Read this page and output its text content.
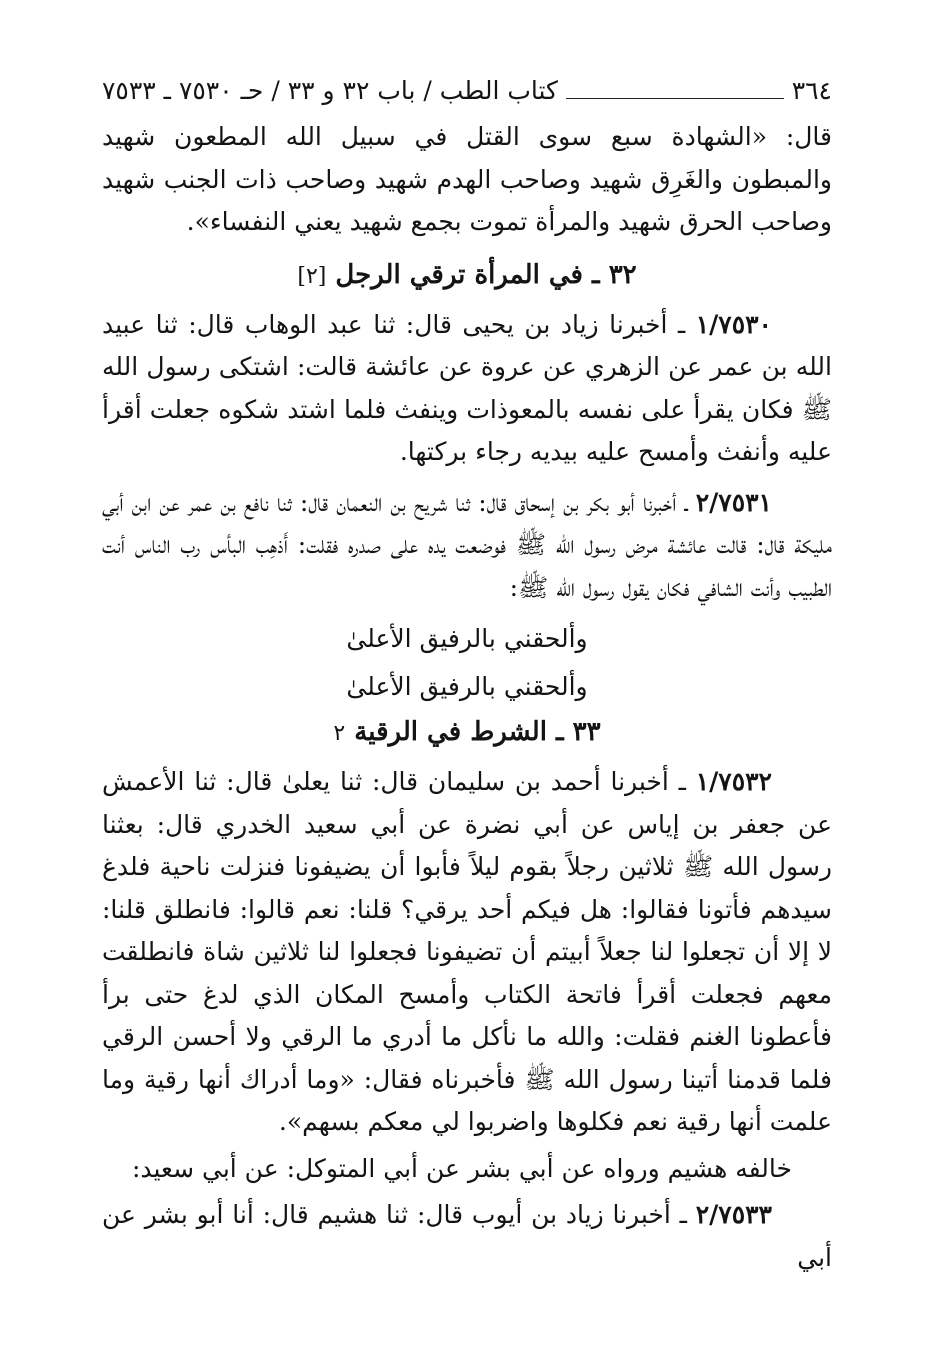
٣٦٤
كتاب الطب / باب ٣٢ و ٣٣ / حـ ٧٥٣٠ ـ ٧٥٣٣

قال: «الشهادة سبع سوى القتل في سبيل الله المطعون شهيد والمبطون والغَرِق شهيد وصاحب الهدم شهيد وصاحب ذات الجنب شهيد وصاحب الحرق شهيد والمرأة تموت بجمع شهيد يعني النفساء».

٣٢ ـ في المرأة ترقي الرجل [٢]

١/٧٥٣٠ ـ أخبرنا زياد بن يحيى قال: ثنا عبد الوهاب قال: ثنا عبيد الله بن عمر عن الزهري عن عروة عن عائشة قالت: اشتكى رسول الله ﷺ فكان يقرأ على نفسه بالمعوذات وينفث فلما اشتد شكوه جعلت أقرأ عليه وأنفث وأمسح عليه بيديه رجاء بركتها.

٢/٧٥٣١ ـ أخبرنا أبو بكر بن إسحاق قال: ثنا شريح بن النعمان قال: ثنا نافع بن عمر عن ابن أبي مليكة قال: قالت عائشة مرض رسول الله ﷺ فوضعت يده على صدره فقلت: أَذهِب البأس رب الناس أنت الطبيب وأنت الشافي فكان يقول رسول الله ﷺ:

وألحقني بالرفيق الأعلىٰ

وألحقني بالرفيق الأعلىٰ

٣٣ ـ الشرط في الرقية ٢

١/٧٥٣٢ ـ أخبرنا أحمد بن سليمان قال: ثنا يعلىٰ قال: ثنا الأعمش عن جعفر بن إياس عن أبي نضرة عن أبي سعيد الخدري قال: بعثنا رسول الله ﷺ ثلاثين رجلاً بقوم ليلاً فأبوا أن يضيفونا فنزلت ناحية فلدغ سيدهم فأتونا فقالوا: هل فيكم أحد يرقي؟ قلنا: نعم قالوا: فانطلق قلنا: لا إلا أن تجعلوا لنا جعلاً أبيتم أن تضيفونا فجعلوا لنا ثلاثين شاة فانطلقت معهم فجعلت أقرأ فاتحة الكتاب وأمسح المكان الذي لدغ حتى برأ فأعطونا الغنم فقلت: والله ما نأكل ما أدري ما الرقي ولا أحسن الرقي فلما قدمنا أتينا رسول الله ﷺ فأخبرناه فقال: «وما أدراك أنها رقية وما علمت أنها رقية نعم فكلوها واضربوا لي معكم بسهم».

خالفه هشيم ورواه عن أبي بشر عن أبي المتوكل: عن أبي سعيد:

٢/٧٥٣٣ ـ أخبرنا زياد بن أيوب قال: ثنا هشيم قال: أنا أبو بشر عن أبي
